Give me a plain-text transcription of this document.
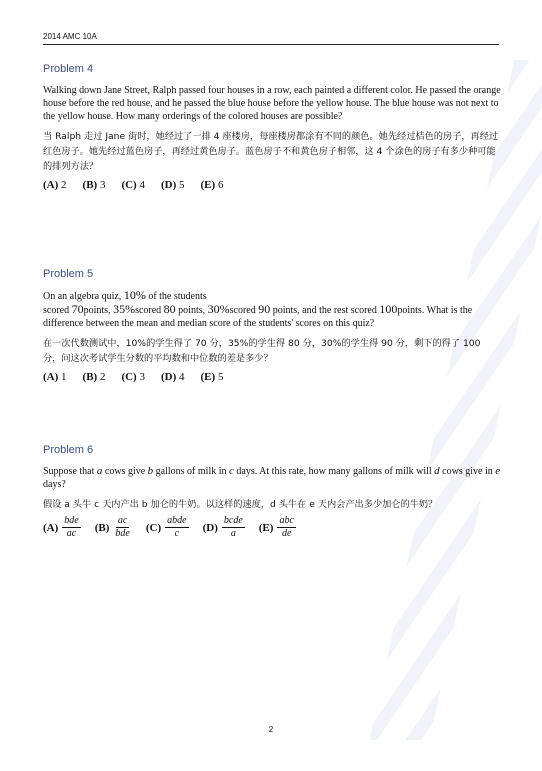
2014 AMC 10A
Problem 4

Walking down Jane Street, Ralph passed four houses in a row, each painted a different color. He passed the orange house before the red house, and he passed the blue house before the yellow house. The blue house was not next to the yellow house. How many orderings of the colored houses are possible?

当 Ralph 走过 Jane 街时，她经过了一排 4 座楼房，每座楼房都涂有不同的颜色。她先经过桔色的房子，再经过红色房子。她先经过蓝色房子，再经过黄色房子。蓝色房子不和黄色房子相邻，这 4 个涂色的房子有多少种可能的排列方法？

(A) 2 (B) 3 (C) 4 (D) 5 (E) 6
Problem 5

On an algebra quiz, 10% of the students
scored 70points, 35%scored 80 points, 30%scored 90 points, and the rest scored 100points. What is the difference between the mean and median score of the students' scores on this quiz?

在一次代数测试中，10%的学生得了 70 分，35%的学生得 80 分，30%的学生得 90 分，剩下的得了 100 分，问这次考试学生分数的平均数和中位数的差是多少？

(A) 1 (B) 2 (C) 3 (D) 4 (E) 5
Problem 6

Suppose that a cows give b gallons of milk in c days. At this rate, how many gallons of milk will d cows give in e days?

假设 a 头牛 c 天内产出 b 加仑的牛奶。以这样的速度，d 头牛在 e 天内会产出多少加仑的牛奶？

$(A) \frac{\text{bde}}{ac} (B) \frac{ac}{\text{bde}} (C) \frac{\text{abde}}{c} (D) \frac{\text{bcde}}{a} (E) \frac{\text{abc}}{de}$
2
